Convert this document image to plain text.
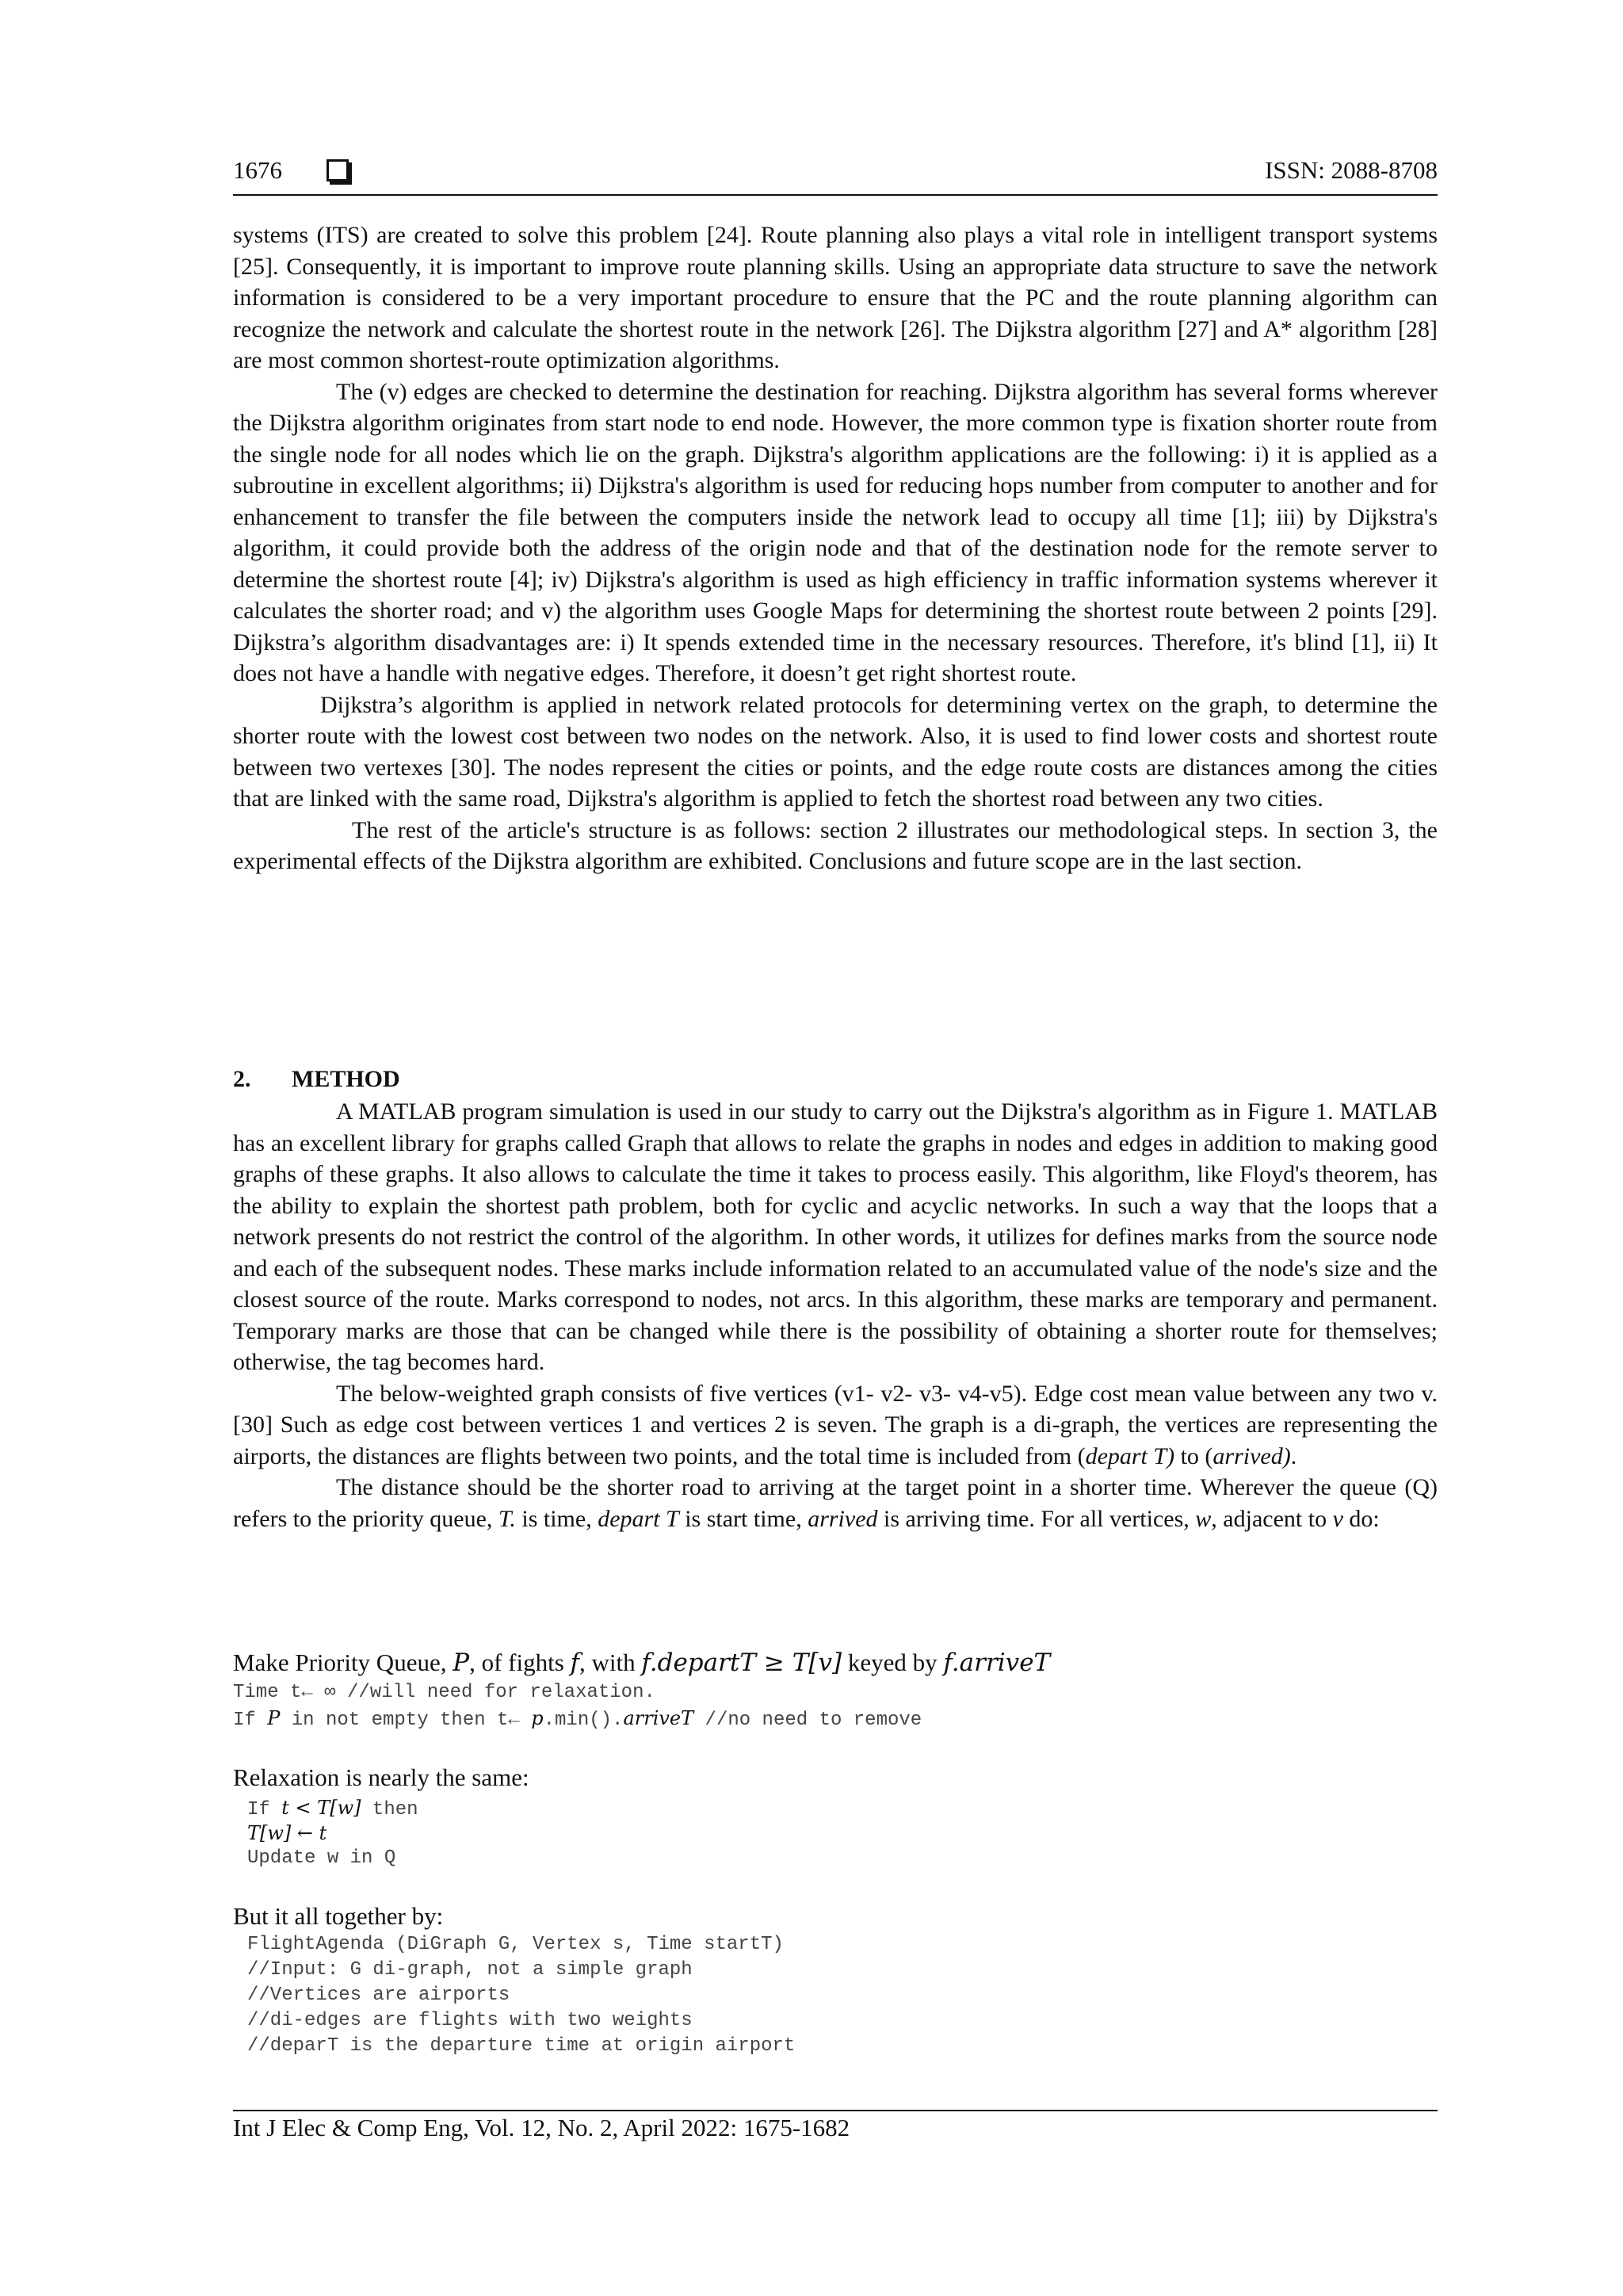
1676	ISSN: 2088-8708

systems (ITS) are created to solve this problem [24]. Route planning also plays a vital role in intelligent transport systems [25]. Consequently, it is important to improve route planning skills. Using an appropriate data structure to save the network information is considered to be a very important procedure to ensure that the PC and the route planning algorithm can recognize the network and calculate the shortest route in the network [26]. The Dijkstra algorithm [27] and A* algorithm [28] are most common shortest-route optimization algorithms.

The (v) edges are checked to determine the destination for reaching. Dijkstra algorithm has several forms wherever the Dijkstra algorithm originates from start node to end node. However, the more common type is fixation shorter route from the single node for all nodes which lie on the graph. Dijkstra's algorithm applications are the following: i) it is applied as a subroutine in excellent algorithms; ii) Dijkstra's algorithm is used for reducing hops number from computer to another and for enhancement to transfer the file between the computers inside the network lead to occupy all time [1]; iii) by Dijkstra's algorithm, it could provide both the address of the origin node and that of the destination node for the remote server to determine the shortest route [4]; iv) Dijkstra's algorithm is used as high efficiency in traffic information systems wherever it calculates the shorter road; and v) the algorithm uses Google Maps for determining the shortest route between 2 points [29]. Dijkstra’s algorithm disadvantages are: i) It spends extended time in the necessary resources. Therefore, it's blind [1], ii) It does not have a handle with negative edges. Therefore, it doesn’t get right shortest route.

Dijkstra’s algorithm is applied in network related protocols for determining vertex on the graph, to determine the shorter route with the lowest cost between two nodes on the network. Also, it is used to find lower costs and shortest route between two vertexes [30]. The nodes represent the cities or points, and the edge route costs are distances among the cities that are linked with the same road, Dijkstra's algorithm is applied to fetch the shortest road between any two cities.

The rest of the article's structure is as follows: section 2 illustrates our methodological steps. In section 3, the experimental effects of the Dijkstra algorithm are exhibited. Conclusions and future scope are in the last section.

2. METHOD

A MATLAB program simulation is used in our study to carry out the Dijkstra's algorithm as in Figure 1. MATLAB has an excellent library for graphs called Graph that allows to relate the graphs in nodes and edges in addition to making good graphs of these graphs. It also allows to calculate the time it takes to process easily. This algorithm, like Floyd's theorem, has the ability to explain the shortest path problem, both for cyclic and acyclic networks. In such a way that the loops that a network presents do not restrict the control of the algorithm. In other words, it utilizes for defines marks from the source node and each of the subsequent nodes. These marks include information related to an accumulated value of the node's size and the closest source of the route. Marks correspond to nodes, not arcs. In this algorithm, these marks are temporary and permanent. Temporary marks are those that can be changed while there is the possibility of obtaining a shorter route for themselves; otherwise, the tag becomes hard.

The below-weighted graph consists of five vertices (v1- v2- v3- v4-v5). Edge cost mean value between any two v. [30] Such as edge cost between vertices 1 and vertices 2 is seven. The graph is a di-graph, the vertices are representing the airports, the distances are flights between two points, and the total time is included from (depart T) to (arrived).

The distance should be the shorter road to arriving at the target point in a shorter time. Wherever the queue (Q) refers to the priority queue, T. is time, depart T is start time, arrived is arriving time. For all vertices, w, adjacent to v do:

Make Priority Queue, P, of fights f, with f.departT ≥ T[v] keyed by f.arriveT
Time t← ∞ //will need for relaxation.
If P in not empty then t← p.min().arriveT //no need to remove
Relaxation is nearly the same:
If t < T[w] then
T[w] ← t
Update w in Q
But it all together by:
FlightAgenda (DiGraph G, Vertex s, Time startT)
//Input: G di-graph, not a simple graph
//Vertices are airports
//di-edges are flights with two weights
//deparT is the departure time at origin airport
Int J Elec & Comp Eng, Vol. 12, No. 2, April 2022: 1675-1682
